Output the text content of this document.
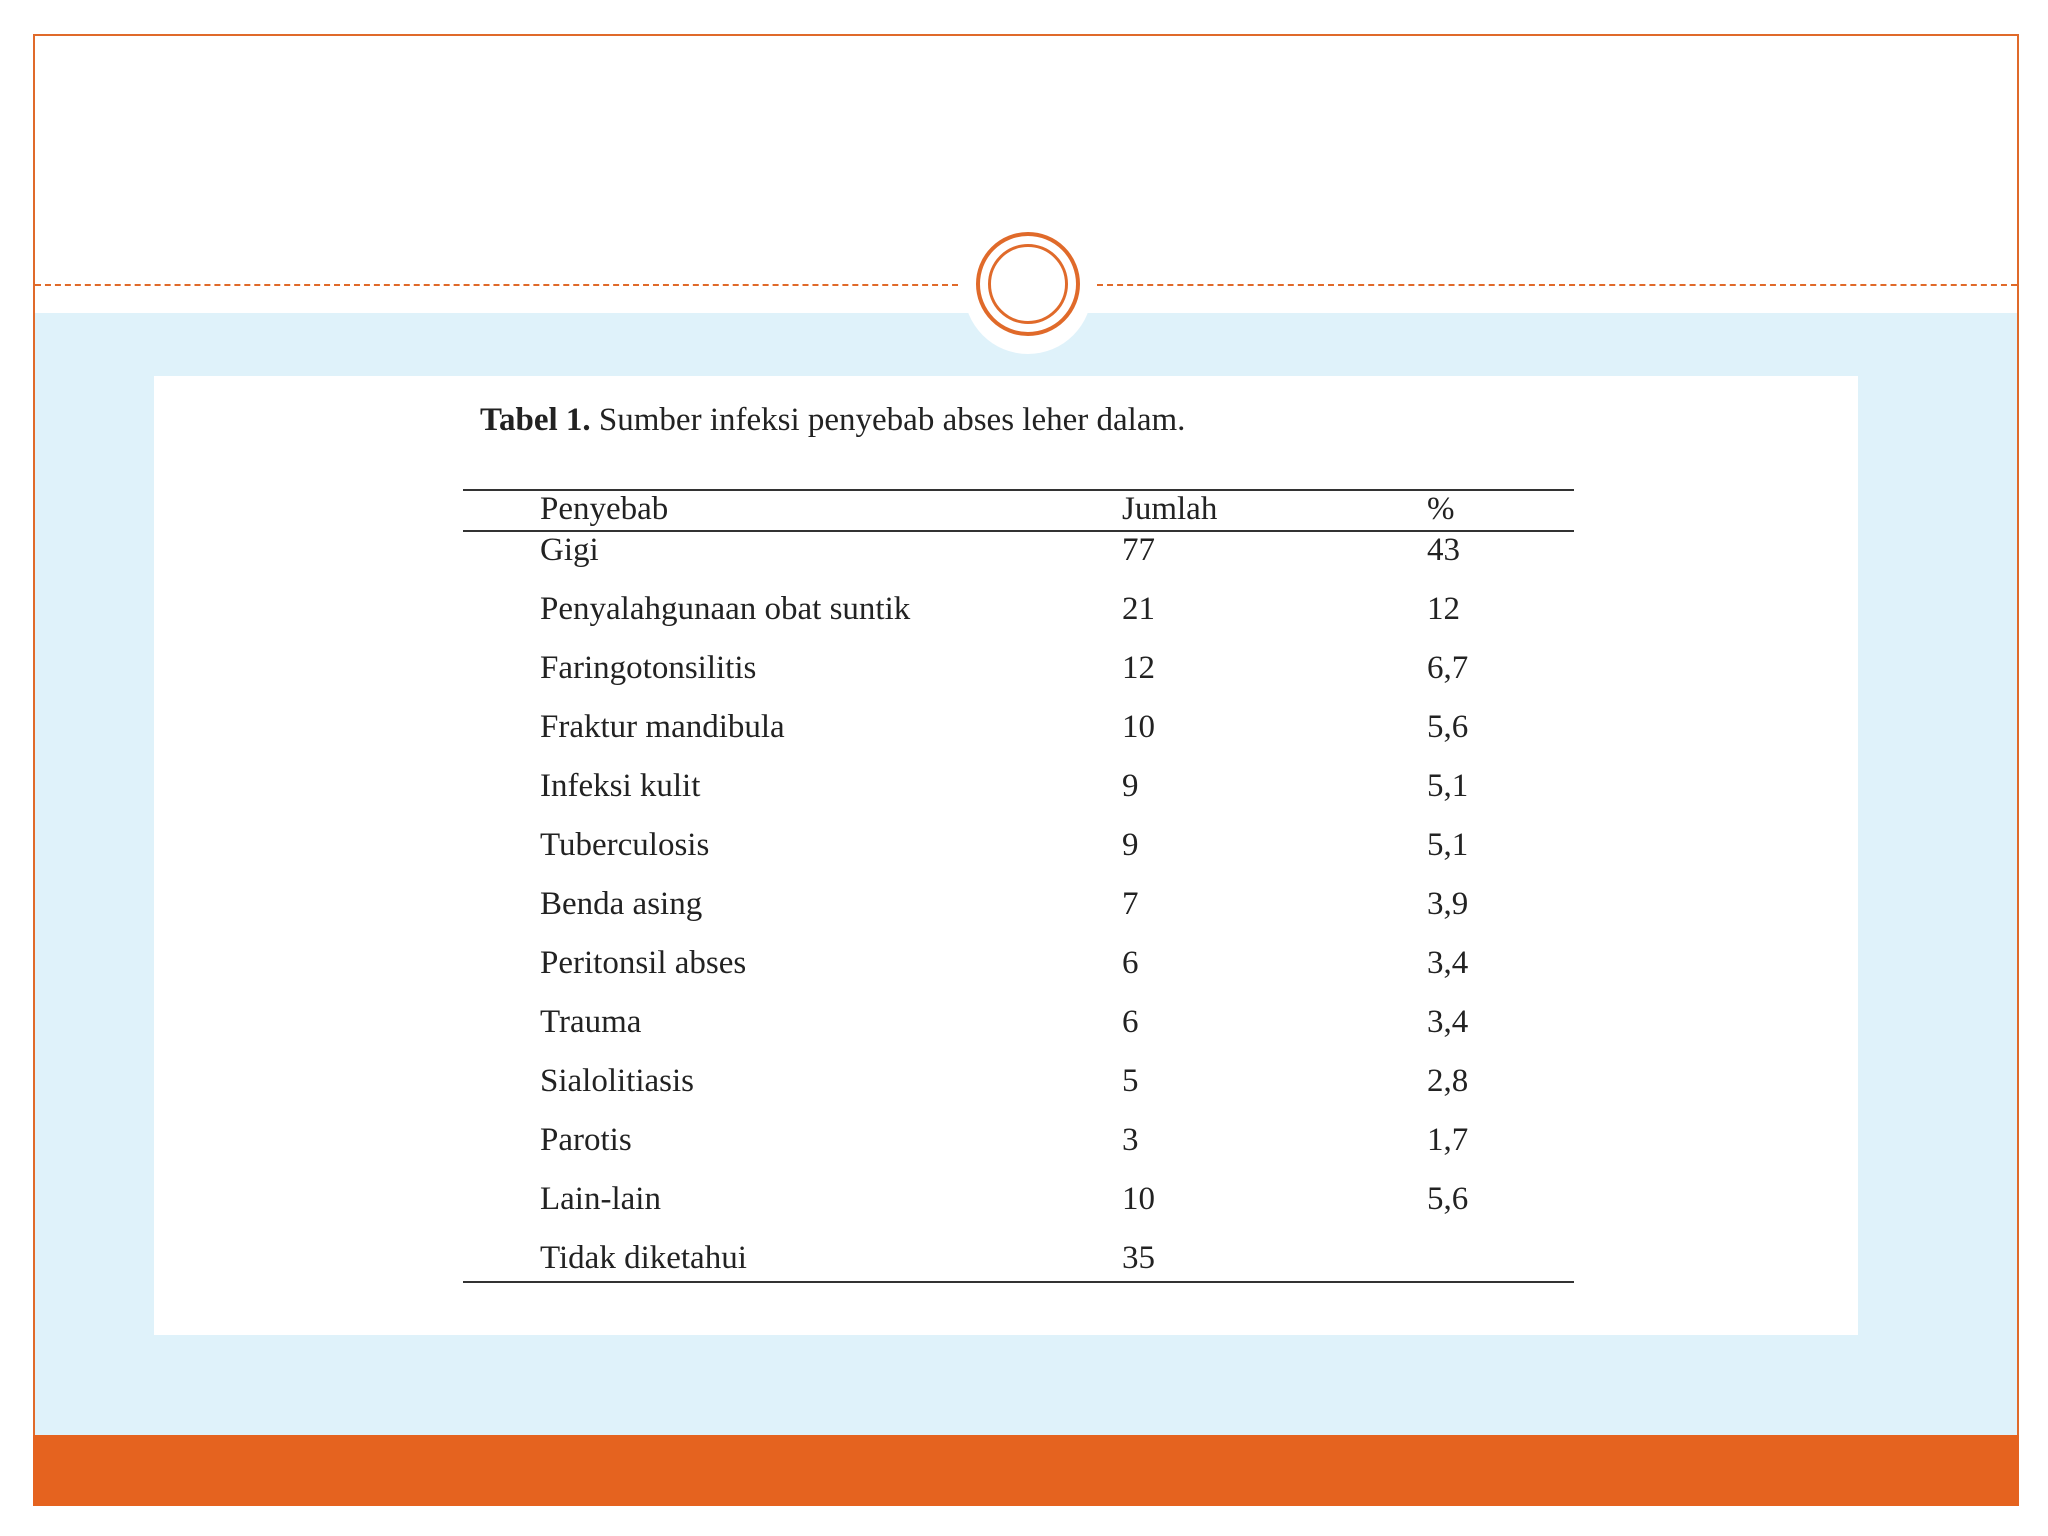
Tabel 1. Sumber infeksi penyebab abses leher dalam.
Penyebab	Jumlah	%
Gigi	77	43
Penyalahgunaan obat suntik	21	12
Faringotonsilitis	12	6,7
Fraktur mandibula	10	5,6
Infeksi kulit	9	5,1
Tuberculosis	9	5,1
Benda asing	7	3,9
Peritonsil abses	6	3,4
Trauma	6	3,4
Sialolitiasis	5	2,8
Parotis	3	1,7
Lain-lain	10	5,6
Tidak diketahui	35
